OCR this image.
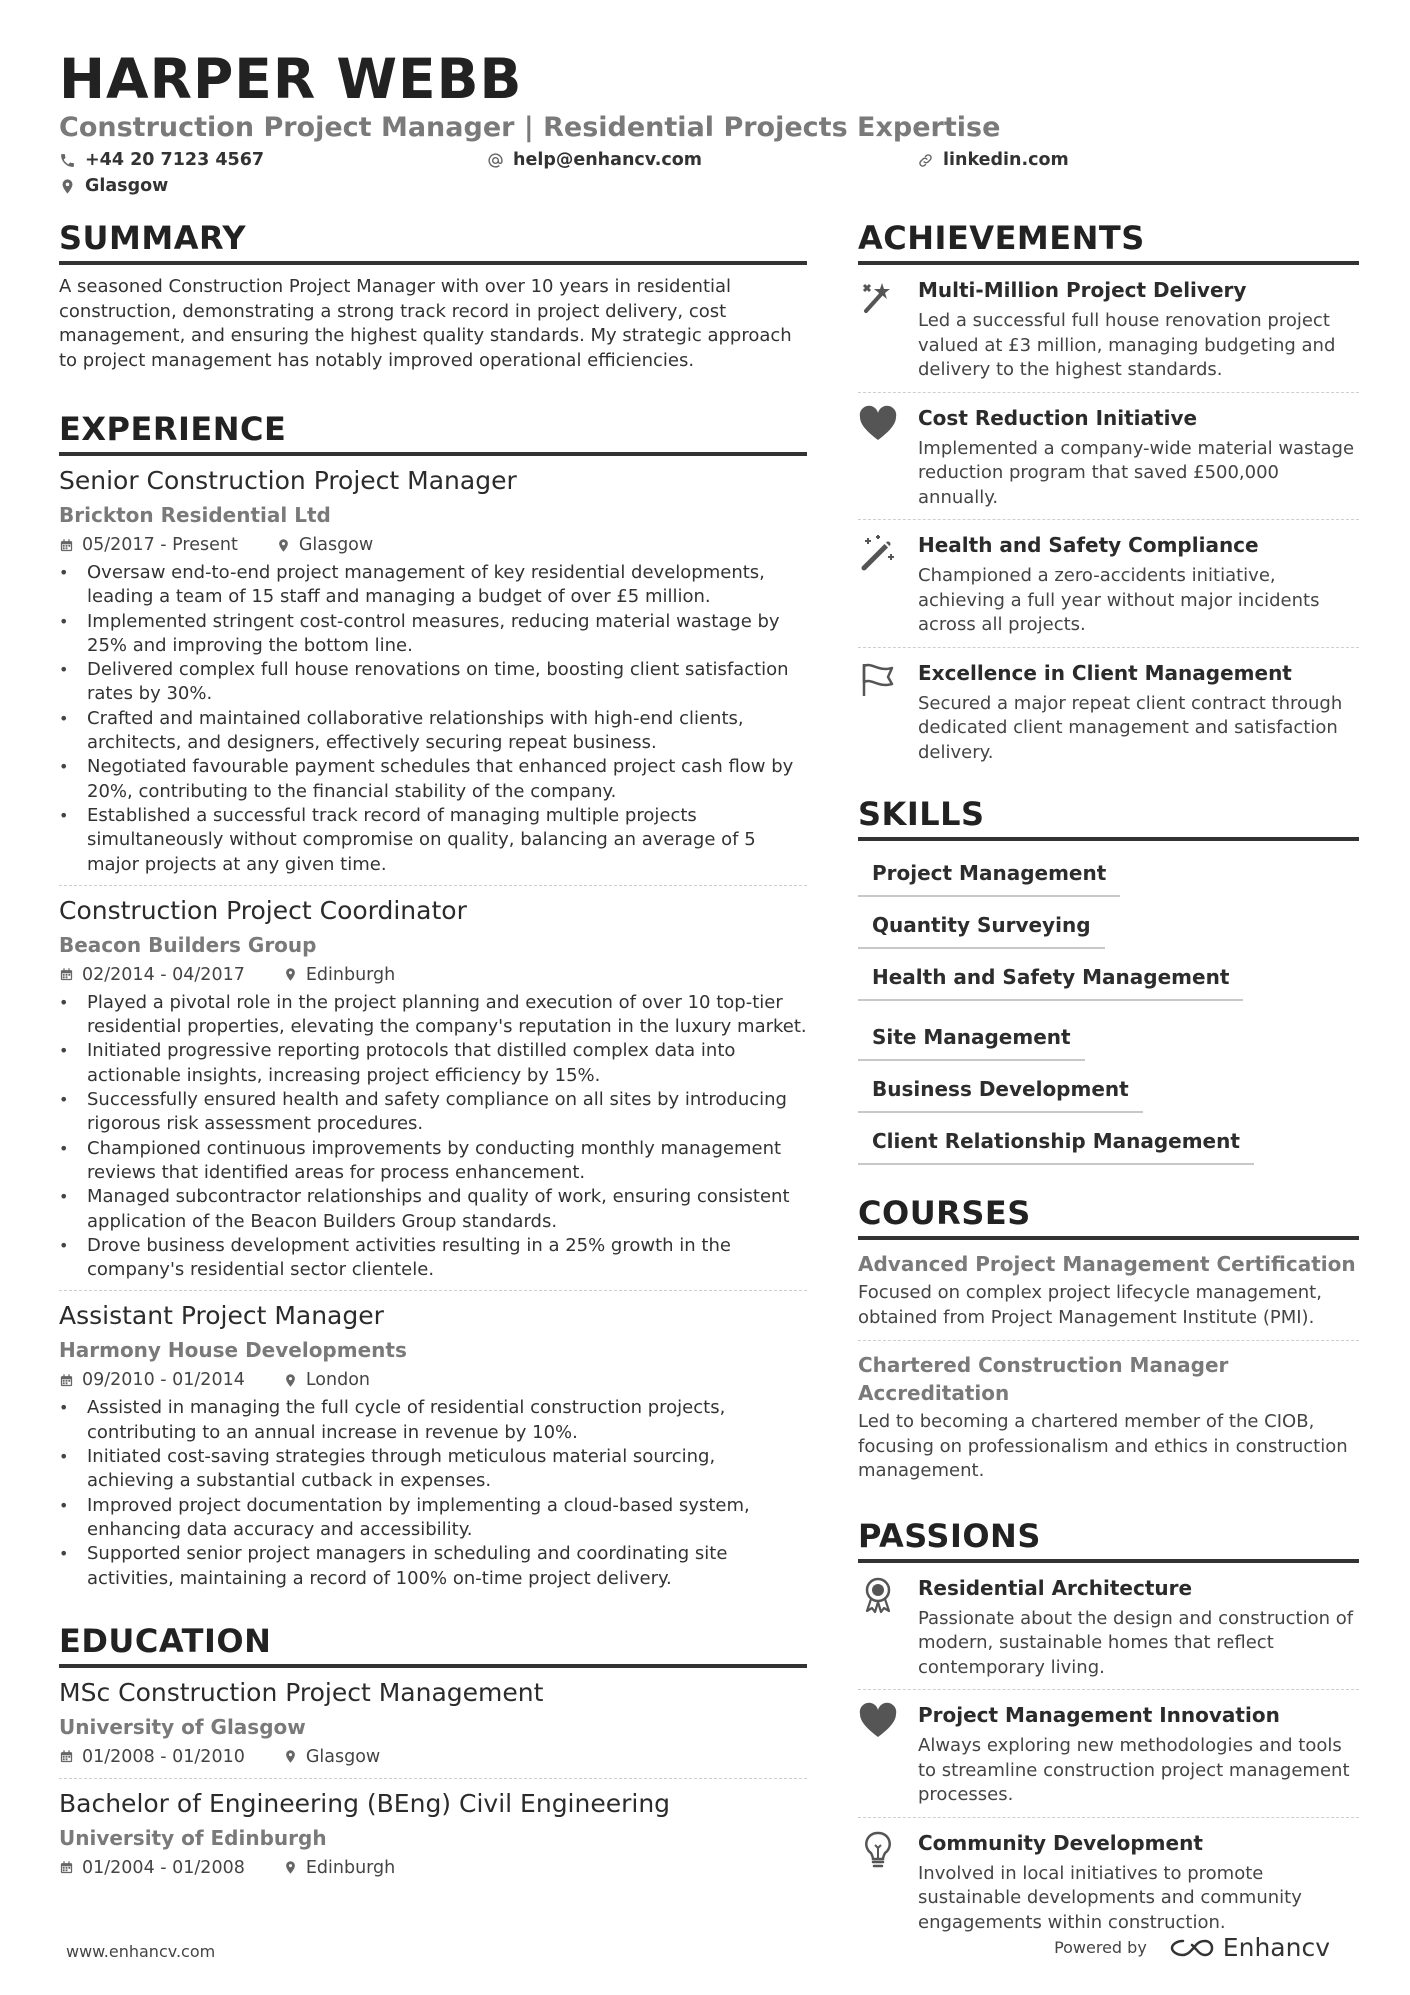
HARPER WEBB
Construction Project Manager | Residential Projects Expertise
+44 20 7123 4567	help@enhancv.com	linkedin.com
Glasgow
SUMMARY
A seasoned Construction Project Manager with over 10 years in residential construction, demonstrating a strong track record in project delivery, cost management, and ensuring the highest quality standards. My strategic approach to project management has notably improved operational efficiencies.
EXPERIENCE
Senior Construction Project Manager
Brickton Residential Ltd
05/2017 - Present	Glasgow
• Oversaw end-to-end project management of key residential developments, leading a team of 15 staff and managing a budget of over £5 million.
• Implemented stringent cost-control measures, reducing material wastage by 25% and improving the bottom line.
• Delivered complex full house renovations on time, boosting client satisfaction rates by 30%.
• Crafted and maintained collaborative relationships with high-end clients, architects, and designers, effectively securing repeat business.
• Negotiated favourable payment schedules that enhanced project cash flow by 20%, contributing to the financial stability of the company.
• Established a successful track record of managing multiple projects simultaneously without compromise on quality, balancing an average of 5 major projects at any given time.
Construction Project Coordinator
Beacon Builders Group
02/2014 - 04/2017	Edinburgh
• Played a pivotal role in the project planning and execution of over 10 top-tier residential properties, elevating the company's reputation in the luxury market.
• Initiated progressive reporting protocols that distilled complex data into actionable insights, increasing project efficiency by 15%.
• Successfully ensured health and safety compliance on all sites by introducing rigorous risk assessment procedures.
• Championed continuous improvements by conducting monthly management reviews that identified areas for process enhancement.
• Managed subcontractor relationships and quality of work, ensuring consistent application of the Beacon Builders Group standards.
• Drove business development activities resulting in a 25% growth in the company's residential sector clientele.
Assistant Project Manager
Harmony House Developments
09/2010 - 01/2014	London
• Assisted in managing the full cycle of residential construction projects, contributing to an annual increase in revenue by 10%.
• Initiated cost-saving strategies through meticulous material sourcing, achieving a substantial cutback in expenses.
• Improved project documentation by implementing a cloud-based system, enhancing data accuracy and accessibility.
• Supported senior project managers in scheduling and coordinating site activities, maintaining a record of 100% on-time project delivery.
EDUCATION
MSc Construction Project Management
University of Glasgow
01/2008 - 01/2010	Glasgow
Bachelor of Engineering (BEng) Civil Engineering
University of Edinburgh
01/2004 - 01/2008	Edinburgh
ACHIEVEMENTS
Multi-Million Project Delivery
Led a successful full house renovation project valued at £3 million, managing budgeting and delivery to the highest standards.
Cost Reduction Initiative
Implemented a company-wide material wastage reduction program that saved £500,000 annually.
Health and Safety Compliance
Championed a zero-accidents initiative, achieving a full year without major incidents across all projects.
Excellence in Client Management
Secured a major repeat client contract through dedicated client management and satisfaction delivery.
SKILLS
Project Management
Quantity Surveying
Health and Safety Management
Site Management
Business Development
Client Relationship Management
COURSES
Advanced Project Management Certification
Focused on complex project lifecycle management, obtained from Project Management Institute (PMI).
Chartered Construction Manager Accreditation
Led to becoming a chartered member of the CIOB, focusing on professionalism and ethics in construction management.
PASSIONS
Residential Architecture
Passionate about the design and construction of modern, sustainable homes that reflect contemporary living.
Project Management Innovation
Always exploring new methodologies and tools to streamline construction project management processes.
Community Development
Involved in local initiatives to promote sustainable developments and community engagements within construction.
www.enhancv.com	Powered by	Enhancv
